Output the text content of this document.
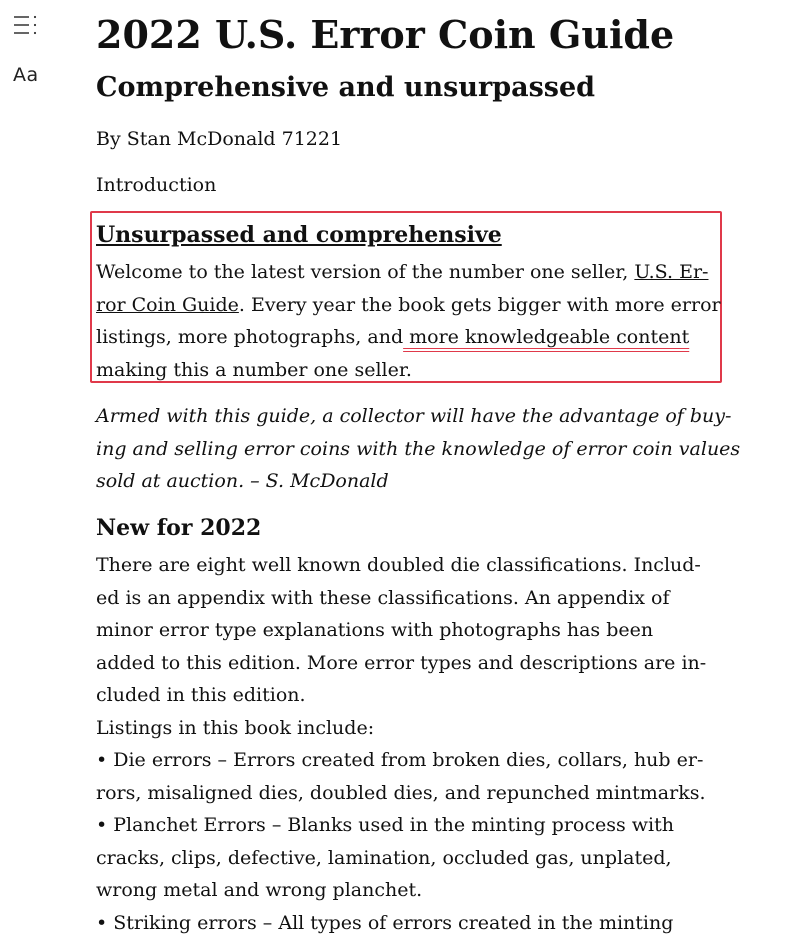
Aa
2022 U.S. Error Coin Guide
Comprehensive and unsurpassed
By Stan McDonald 71221
Introduction
Unsurpassed and comprehensive
Welcome to the latest version of the number one seller, U.S. Er-
ror Coin Guide. Every year the book gets bigger with more error
listings, more photographs, and more knowledgeable content
making this a number one seller.
Armed with this guide, a collector will have the advantage of buy-
ing and selling error coins with the knowledge of error coin values
sold at auction. – S. McDonald
New for 2022
There are eight well known doubled die classifications. Includ-
ed is an appendix with these classifications. An appendix of
minor error type explanations with photographs has been
added to this edition. More error types and descriptions are in-
cluded in this edition.
Listings in this book include:
• Die errors – Errors created from broken dies, collars, hub er-
rors, misaligned dies, doubled dies, and repunched mintmarks.
• Planchet Errors – Blanks used in the minting process with
cracks, clips, defective, lamination, occluded gas, unplated,
wrong metal and wrong planchet.
• Striking errors – All types of errors created in the minting
